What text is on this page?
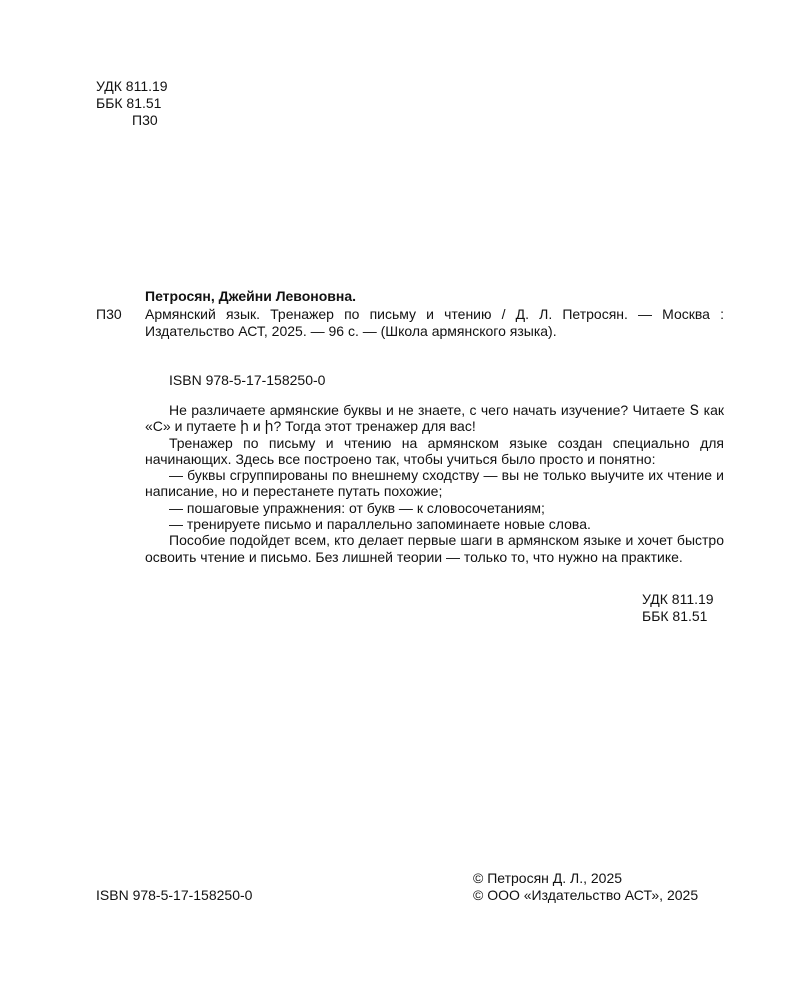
УДК 811.19
ББК 81.51
П30
Петросян, Джейни Левоновна.
П30 Армянский язык. Тренажер по письму и чтению / Д. Л. Петросян. — Москва : Издательство АСТ, 2025. — 96 с. — (Школа армянского языка).
ISBN 978-5-17-158250-0

Не различаете армянские буквы и не знаете, с чего начать изучение? Читаете Տ как «С» и путаете ի и ի? Тогда этот тренажер для вас!

Тренажер по письму и чтению на армянском языке создан специально для начинающих. Здесь все построено так, чтобы учиться было просто и понятно:

— буквы сгруппированы по внешнему сходству — вы не только выучите их чтение и написание, но и перестанете путать похожие;

— пошаговые упражнения: от букв — к словосочетаниям;

— тренируете письмо и параллельно запоминаете новые слова.

Пособие подойдет всем, кто делает первые шаги в армянском языке и хочет быстро освоить чтение и письмо. Без лишней теории — только то, что нужно на практике.

УДК 811.19
ББК 81.51
© Петросян Д. Л., 2025
© ООО «Издательство АСТ», 2025
ISBN 978-5-17-158250-0
